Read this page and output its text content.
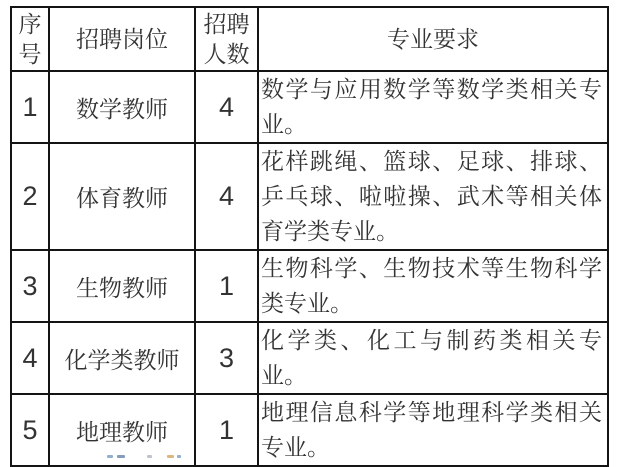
序号	招聘岗位	招聘人数	专业要求
1	数学教师	4	数学与应用数学等数学类相关专业。
2	体育教师	4	花样跳绳、篮球、足球、排球、乒乓球、啦啦操、武术等相关体育学类专业。
3	生物教师	1	生物科学、生物技术等生物科学类专业。
4	化学类教师	3	化学类、化工与制药类相关专业。
5	地理教师	1	地理信息科学等地理科学类相关专业。
